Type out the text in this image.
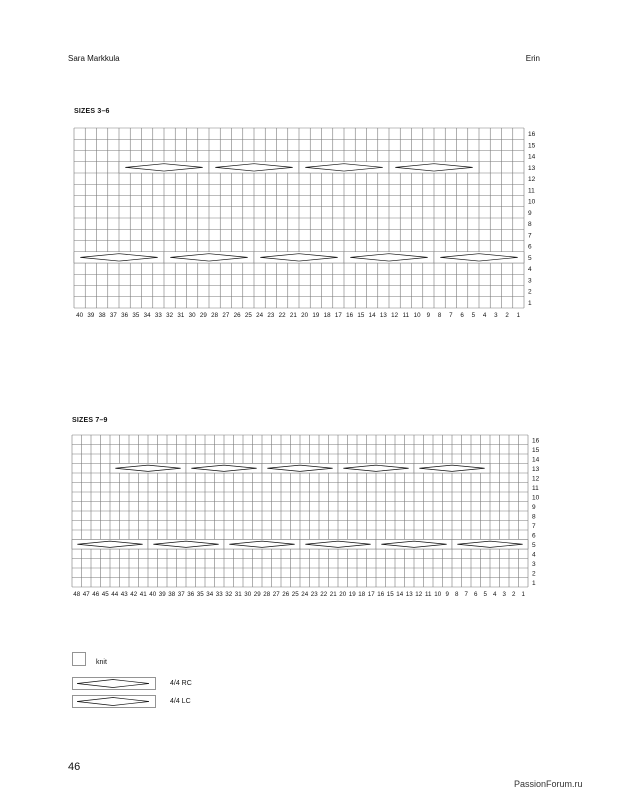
Sara Markkula	Erin
SIZES 3–6
1
2
3
4
5
6
7
8
9
10
11
12
13
14
15
16
1
2
3
4
5
6
7
8
9
10
11
12
13
14
15
16
17
18
19
20
21
22
23
24
25
26
27
28
29
30
31
32
33
34
35
36
37
38
39
40
SIZES 7–9
1
2
3
4
5
6
7
8
9
10
11
12
13
14
15
16
1
2
3
4
5
6
7
8
9
10
11
12
13
14
15
16
17
18
19
20
21
22
23
24
25
26
27
28
29
30
31
32
33
34
35
36
37
38
39
40
41
42
43
44
45
46
47
48
knit
4/4 RC
4/4 LC
46
PassionForum.ru
